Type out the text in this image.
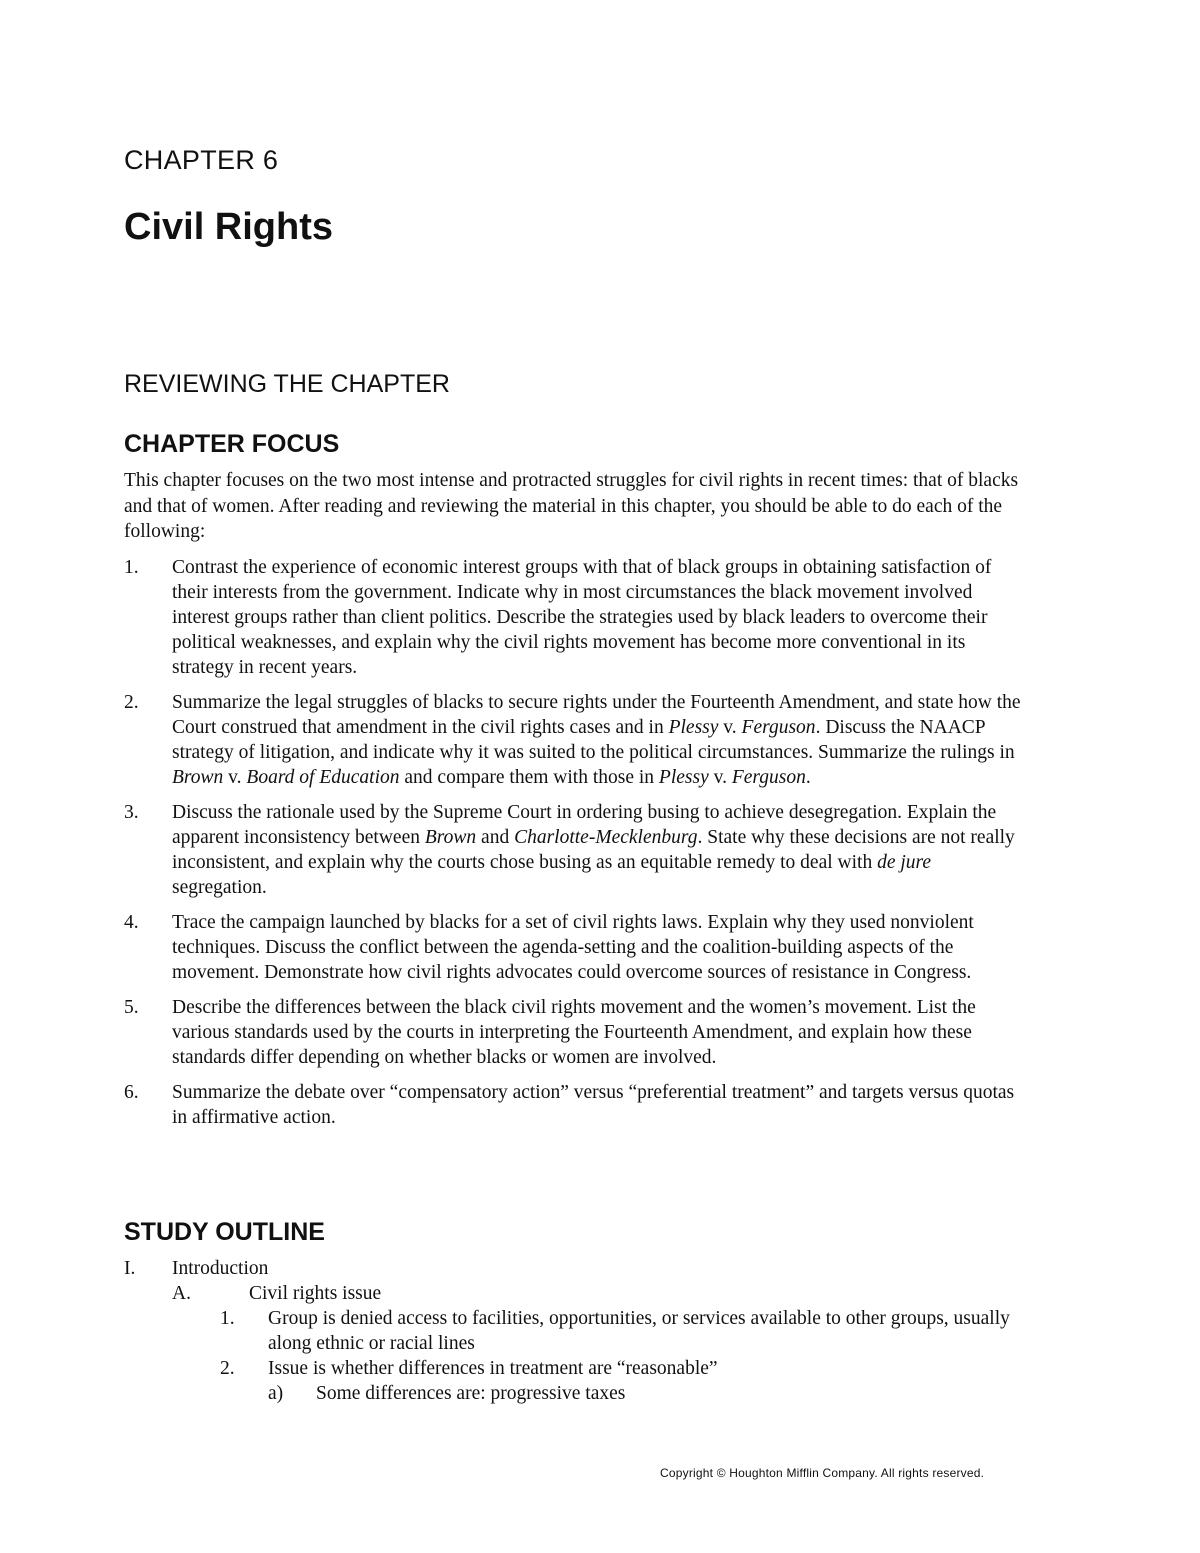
CHAPTER 6
Civil Rights
REVIEWING THE CHAPTER
CHAPTER FOCUS
This chapter focuses on the two most intense and protracted struggles for civil rights in recent times: that of blacks and that of women. After reading and reviewing the material in this chapter, you should be able to do each of the following:
1. Contrast the experience of economic interest groups with that of black groups in obtaining satisfaction of their interests from the government. Indicate why in most circumstances the black movement involved interest groups rather than client politics. Describe the strategies used by black leaders to overcome their political weaknesses, and explain why the civil rights movement has become more conventional in its strategy in recent years.
2. Summarize the legal struggles of blacks to secure rights under the Fourteenth Amendment, and state how the Court construed that amendment in the civil rights cases and in Plessy v. Ferguson. Discuss the NAACP strategy of litigation, and indicate why it was suited to the political circumstances. Summarize the rulings in Brown v. Board of Education and compare them with those in Plessy v. Ferguson.
3. Discuss the rationale used by the Supreme Court in ordering busing to achieve desegregation. Explain the apparent inconsistency between Brown and Charlotte-Mecklenburg. State why these decisions are not really inconsistent, and explain why the courts chose busing as an equitable remedy to deal with de jure segregation.
4. Trace the campaign launched by blacks for a set of civil rights laws. Explain why they used nonviolent techniques. Discuss the conflict between the agenda-setting and the coalition-building aspects of the movement. Demonstrate how civil rights advocates could overcome sources of resistance in Congress.
5. Describe the differences between the black civil rights movement and the women’s movement. List the various standards used by the courts in interpreting the Fourteenth Amendment, and explain how these standards differ depending on whether blacks or women are involved.
6. Summarize the debate over “compensatory action” versus “preferential treatment” and targets versus quotas in affirmative action.
STUDY OUTLINE
I. Introduction
A.	Civil rights issue
1. Group is denied access to facilities, opportunities, or services available to other groups, usually along ethnic or racial lines
2. Issue is whether differences in treatment are “reasonable”
a) Some differences are: progressive taxes
Copyright © Houghton Mifflin Company. All rights reserved.
